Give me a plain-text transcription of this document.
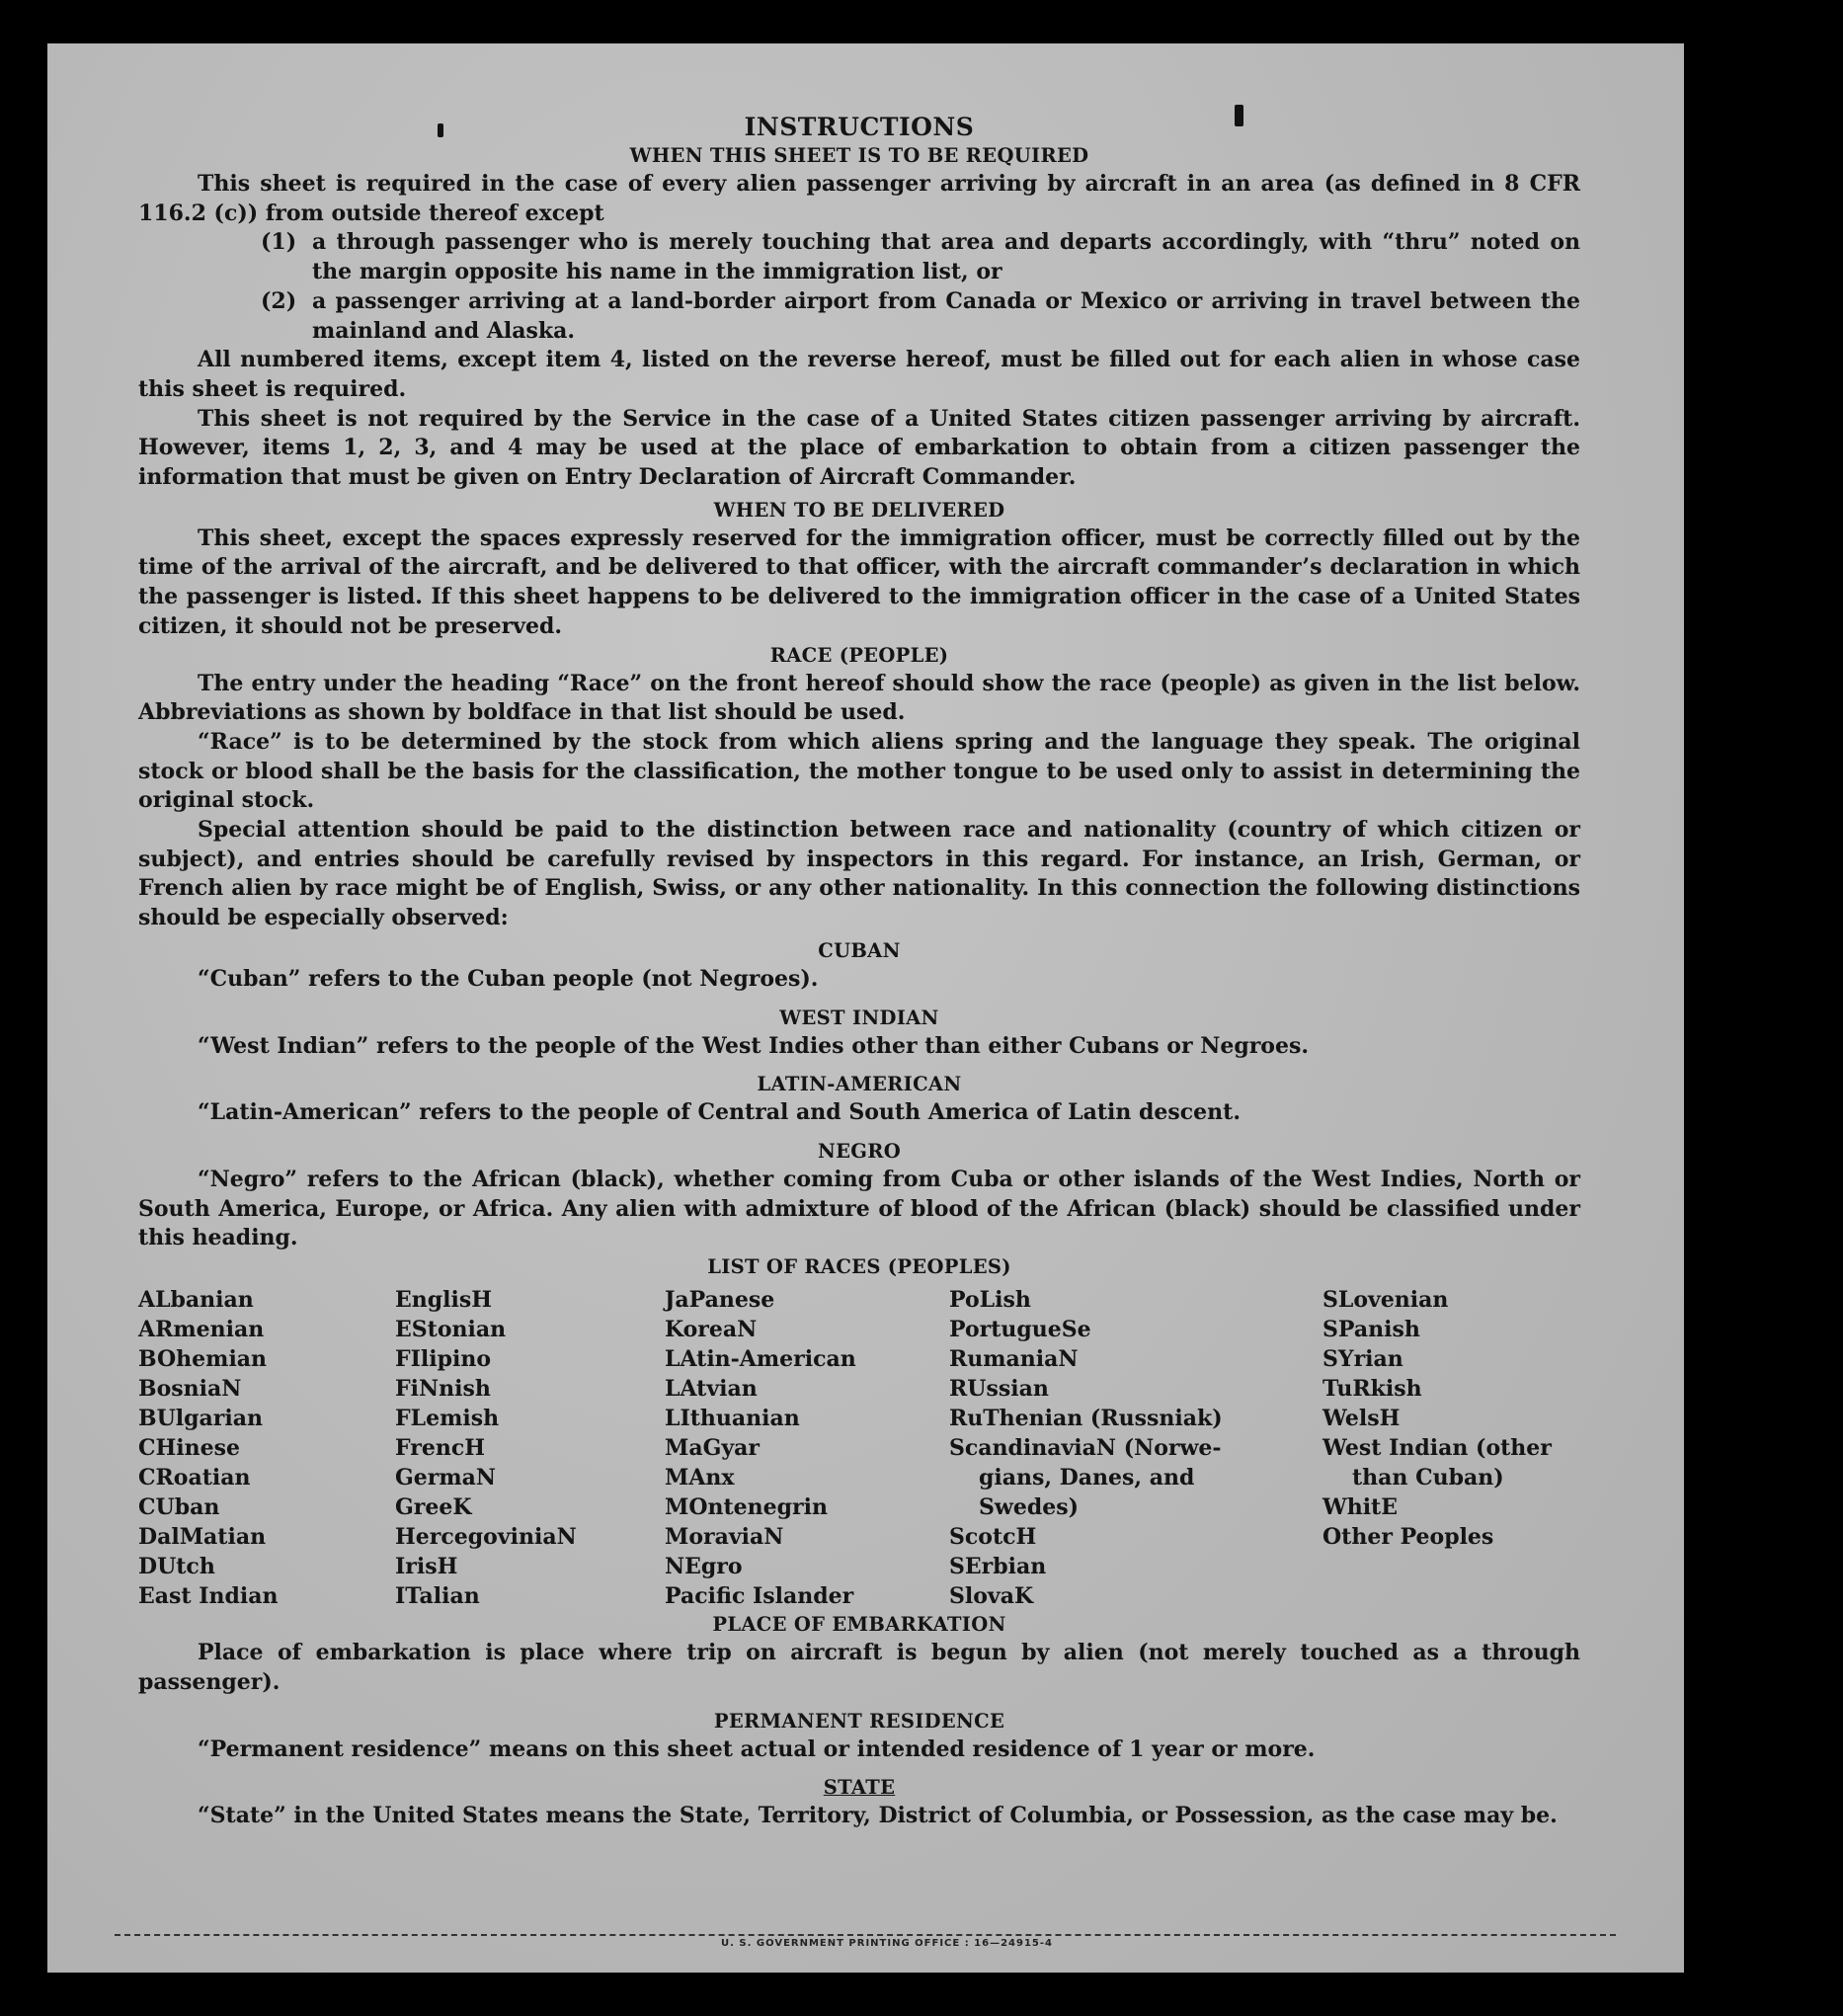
INSTRUCTIONS
WHEN THIS SHEET IS TO BE REQUIRED

This sheet is required in the case of every alien passenger arriving by aircraft in an area (as defined in 8 CFR 116.2 (c)) from outside thereof except

(1) a through passenger who is merely touching that area and departs accordingly, with “thru” noted on the margin opposite his name in the immigration list, or
(2) a passenger arriving at a land-border airport from Canada or Mexico or arriving in travel between the mainland and Alaska.

All numbered items, except item 4, listed on the reverse hereof, must be filled out for each alien in whose case this sheet is required.

This sheet is not required by the Service in the case of a United States citizen passenger arriving by aircraft. However, items 1, 2, 3, and 4 may be used at the place of embarkation to obtain from a citizen passenger the information that must be given on Entry Declaration of Aircraft Commander.

WHEN TO BE DELIVERED

This sheet, except the spaces expressly reserved for the immigration officer, must be correctly filled out by the time of the arrival of the aircraft, and be delivered to that officer, with the aircraft commander’s declaration in which the passenger is listed. If this sheet happens to be delivered to the immigration officer in the case of a United States citizen, it should not be preserved.

RACE (PEOPLE)

The entry under the heading “Race” on the front hereof should show the race (people) as given in the list below. Abbreviations as shown by boldface in that list should be used.

“Race” is to be determined by the stock from which aliens spring and the language they speak. The original stock or blood shall be the basis for the classification, the mother tongue to be used only to assist in determining the original stock.

Special attention should be paid to the distinction between race and nationality (country of which citizen or subject), and entries should be carefully revised by inspectors in this regard. For instance, an Irish, German, or French alien by race might be of English, Swiss, or any other nationality. In this connection the following distinctions should be especially observed:

CUBAN

“Cuban” refers to the Cuban people (not Negroes).

WEST INDIAN

“West Indian” refers to the people of the West Indies other than either Cubans or Negroes.

LATIN-AMERICAN

“Latin-American” refers to the people of Central and South America of Latin descent.

NEGRO

“Negro” refers to the African (black), whether coming from Cuba or other islands of the West Indies, North or South America, Europe, or Africa. Any alien with admixture of blood of the African (black) should be classified under this heading.

LIST OF RACES (PEOPLES)
ALbanian
ARmenian
BOhemian
BosniaN
BUlgarian
CHinese
CRoatian
CUban
DalMatian
DUtch
East Indian
EnglisH
EStonian
FIlipino
FiNnish
FLemish
FrencH
GermaN
GreeK
HercegoviniaN
IrisH
ITalian
JaPanese
KoreaN
LAtin-American
LAtvian
LIthuanian
MaGyar
MAnx
MOntenegrin
MoraviaN
NEgro
Pacific Islander
PoLish
PortugueSe
RumaniaN
RUssian
RuThenian (Russniak)
ScandinaviaN (Norwe-
gians, Danes, and
Swedes)
ScotcH
SErbian
SlovaK
SLovenian
SPanish
SYrian
TuRkish
WelsH
West Indian (other
than Cuban)
WhitE
Other Peoples
PLACE OF EMBARKATION

Place of embarkation is place where trip on aircraft is begun by alien (not merely touched as a through passenger).

PERMANENT RESIDENCE

“Permanent residence” means on this sheet actual or intended residence of 1 year or more.

STATE

“State” in the United States means the State, Territory, District of Columbia, or Possession, as the case may be.

U. S. GOVERNMENT PRINTING OFFICE : 16—24915-4
